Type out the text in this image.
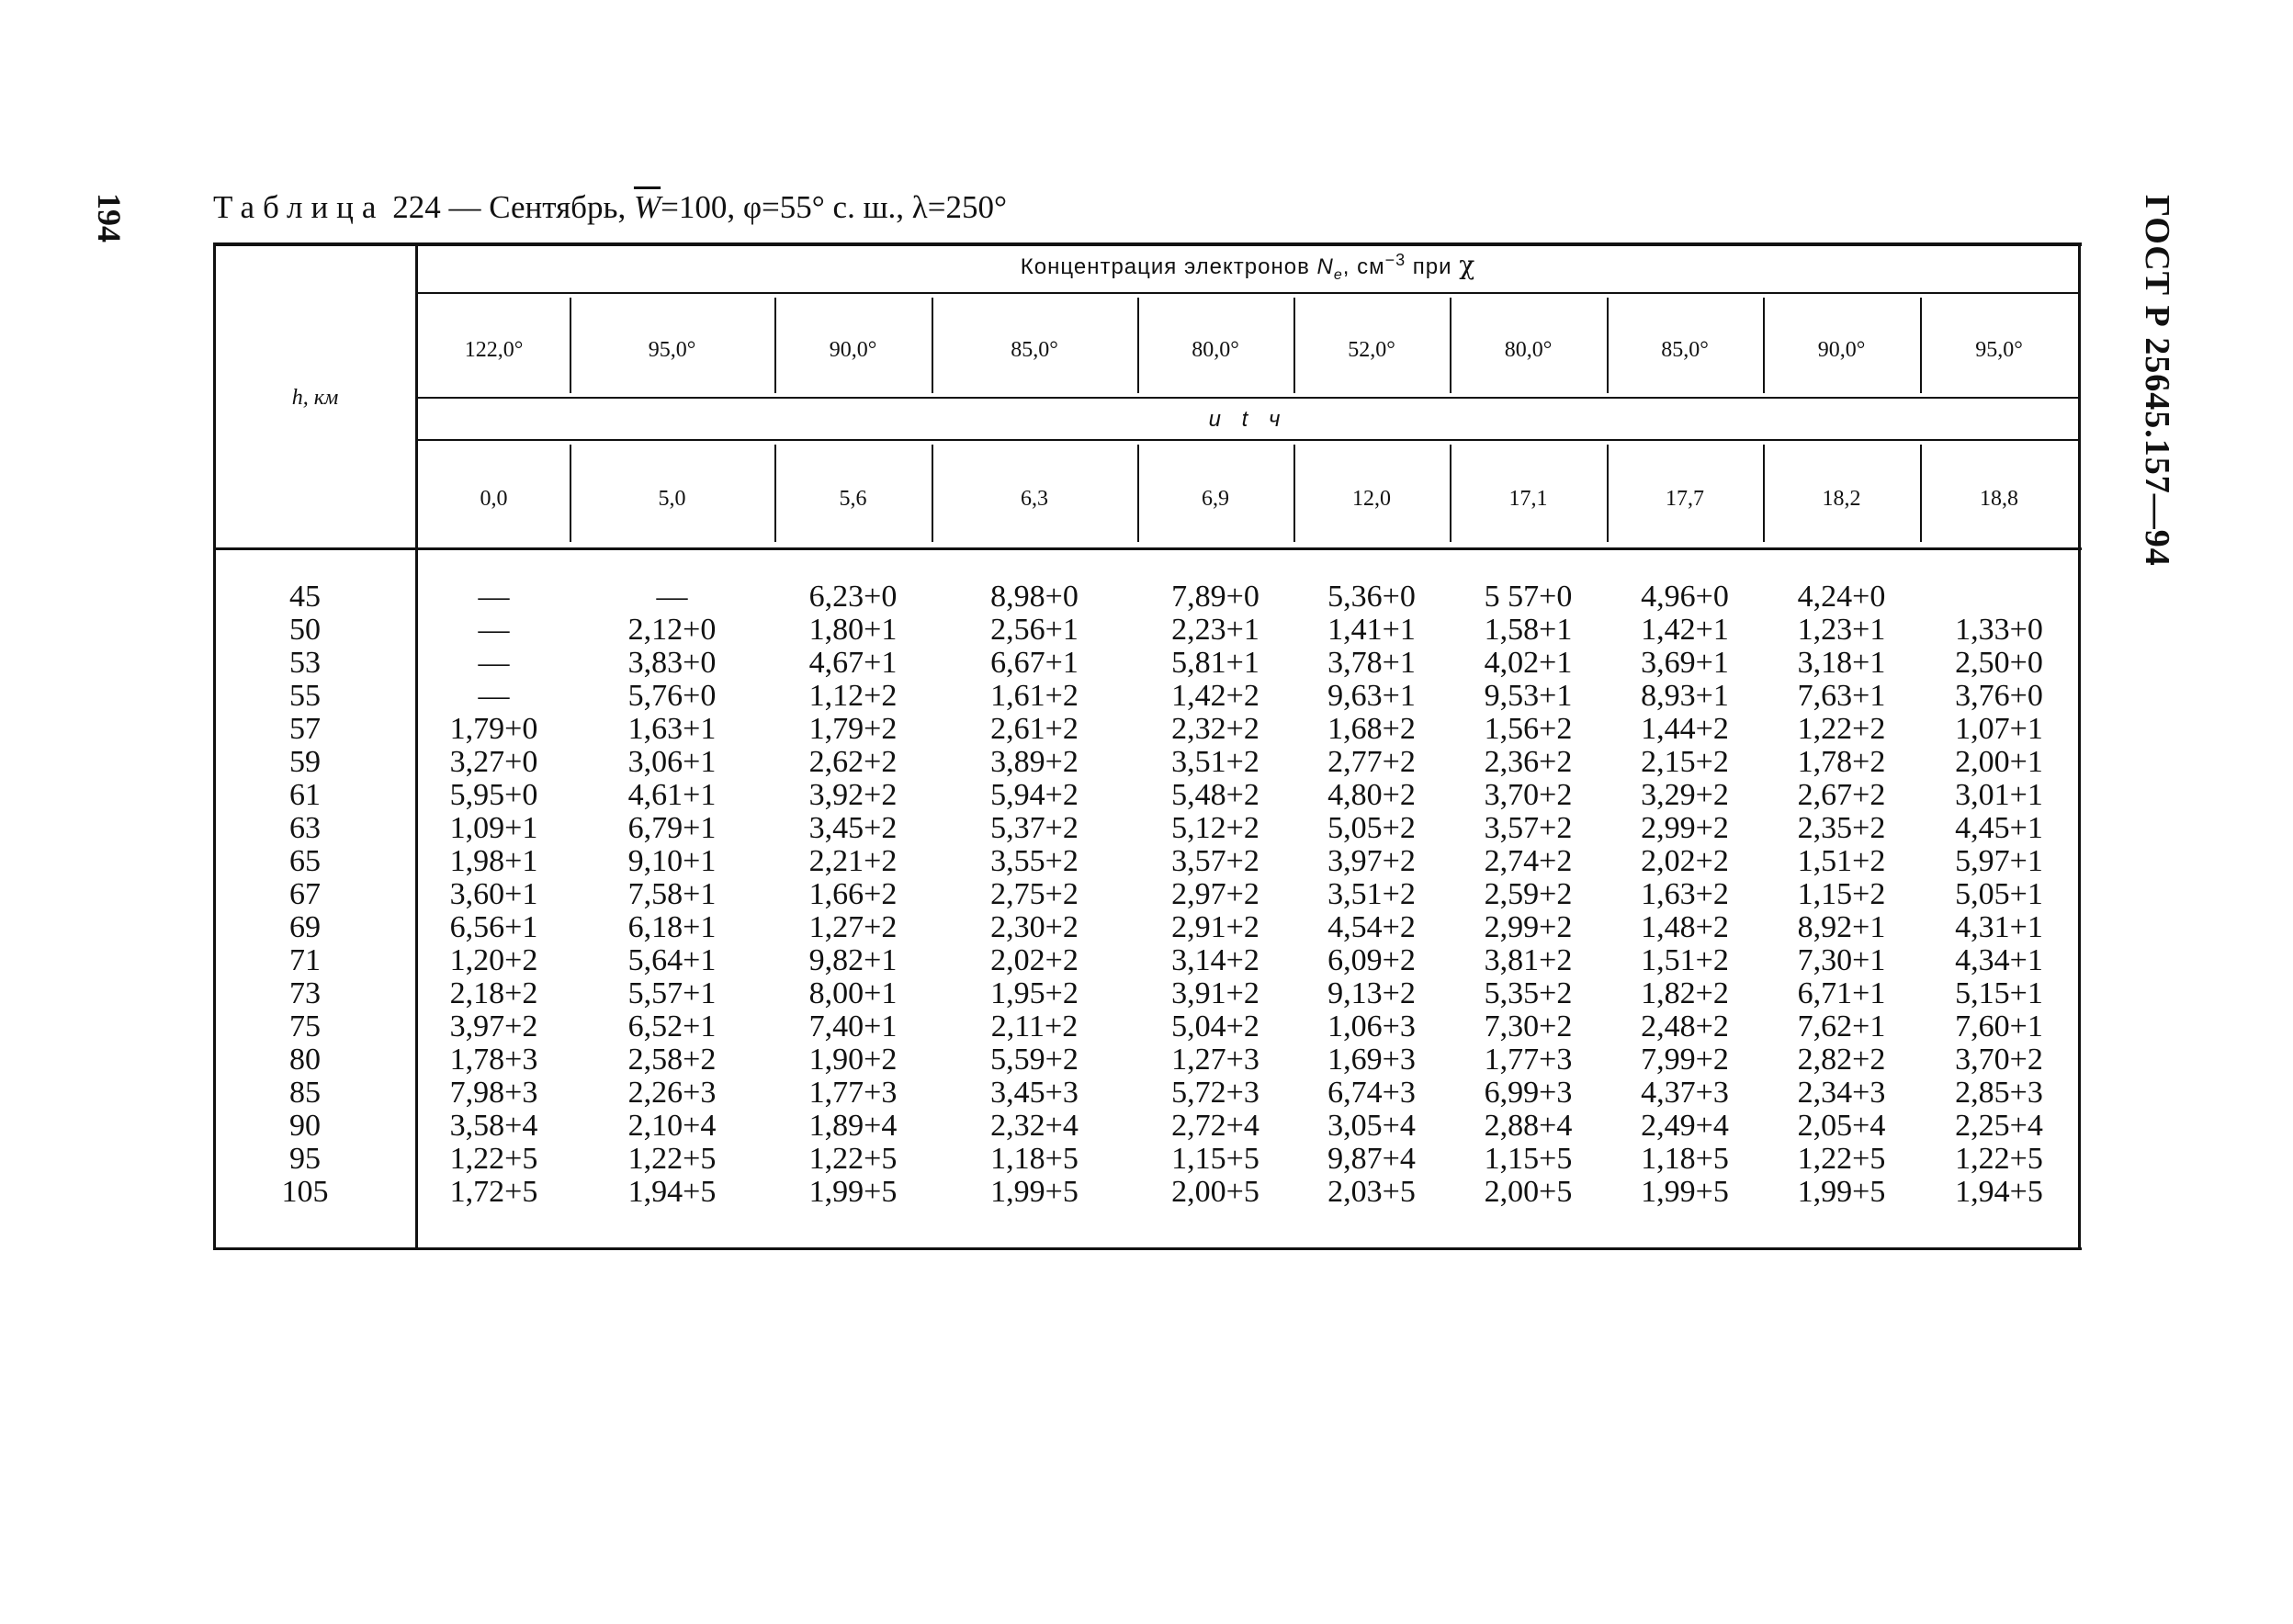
194	ГОСТ Р 25645.157—94
Таблица 224 — Сентябрь, $\overline{W}=100$, φ=55° с. ш., λ=250°
h, км
Концентрация электронов $N_e$, $см^{-3}$ при χ
и t ч
122,0°	95,0°	90,0°	85,0°	80,0°	52,0°	80,0°	85,0°	90,0°	95,0°
0,0	5,0	5,6	6,3	6,9	12,0	17,1	17,7	18,2	18,8
45	—	—	6,23+0	8,98+0	7,89+0	5,36+0	5 57+0	4,96+0	4,24+0
50	—	2,12+0	1,80+1	2,56+1	2,23+1	1,41+1	1,58+1	1,42+1	1,23+1	1,33+0
53	—	3,83+0	4,67+1	6,67+1	5,81+1	3,78+1	4,02+1	3,69+1	3,18+1	2,50+0
55	—	5,76+0	1,12+2	1,61+2	1,42+2	9,63+1	9,53+1	8,93+1	7,63+1	3,76+0
57	1,79+0	1,63+1	1,79+2	2,61+2	2,32+2	1,68+2	1,56+2	1,44+2	1,22+2	1,07+1
59	3,27+0	3,06+1	2,62+2	3,89+2	3,51+2	2,77+2	2,36+2	2,15+2	1,78+2	2,00+1
61	5,95+0	4,61+1	3,92+2	5,94+2	5,48+2	4,80+2	3,70+2	3,29+2	2,67+2	3,01+1
63	1,09+1	6,79+1	3,45+2	5,37+2	5,12+2	5,05+2	3,57+2	2,99+2	2,35+2	4,45+1
65	1,98+1	9,10+1	2,21+2	3,55+2	3,57+2	3,97+2	2,74+2	2,02+2	1,51+2	5,97+1
67	3,60+1	7,58+1	1,66+2	2,75+2	2,97+2	3,51+2	2,59+2	1,63+2	1,15+2	5,05+1
69	6,56+1	6,18+1	1,27+2	2,30+2	2,91+2	4,54+2	2,99+2	1,48+2	8,92+1	4,31+1
71	1,20+2	5,64+1	9,82+1	2,02+2	3,14+2	6,09+2	3,81+2	1,51+2	7,30+1	4,34+1
73	2,18+2	5,57+1	8,00+1	1,95+2	3,91+2	9,13+2	5,35+2	1,82+2	6,71+1	5,15+1
75	3,97+2	6,52+1	7,40+1	2,11+2	5,04+2	1,06+3	7,30+2	2,48+2	7,62+1	7,60+1
80	1,78+3	2,58+2	1,90+2	5,59+2	1,27+3	1,69+3	1,77+3	7,99+2	2,82+2	3,70+2
85	7,98+3	2,26+3	1,77+3	3,45+3	5,72+3	6,74+3	6,99+3	4,37+3	2,34+3	2,85+3
90	3,58+4	2,10+4	1,89+4	2,32+4	2,72+4	3,05+4	2,88+4	2,49+4	2,05+4	2,25+4
95	1,22+5	1,22+5	1,22+5	1,18+5	1,15+5	9,87+4	1,15+5	1,18+5	1,22+5	1,22+5
105	1,72+5	1,94+5	1,99+5	1,99+5	2,00+5	2,03+5	2,00+5	1,99+5	1,99+5	1,94+5
